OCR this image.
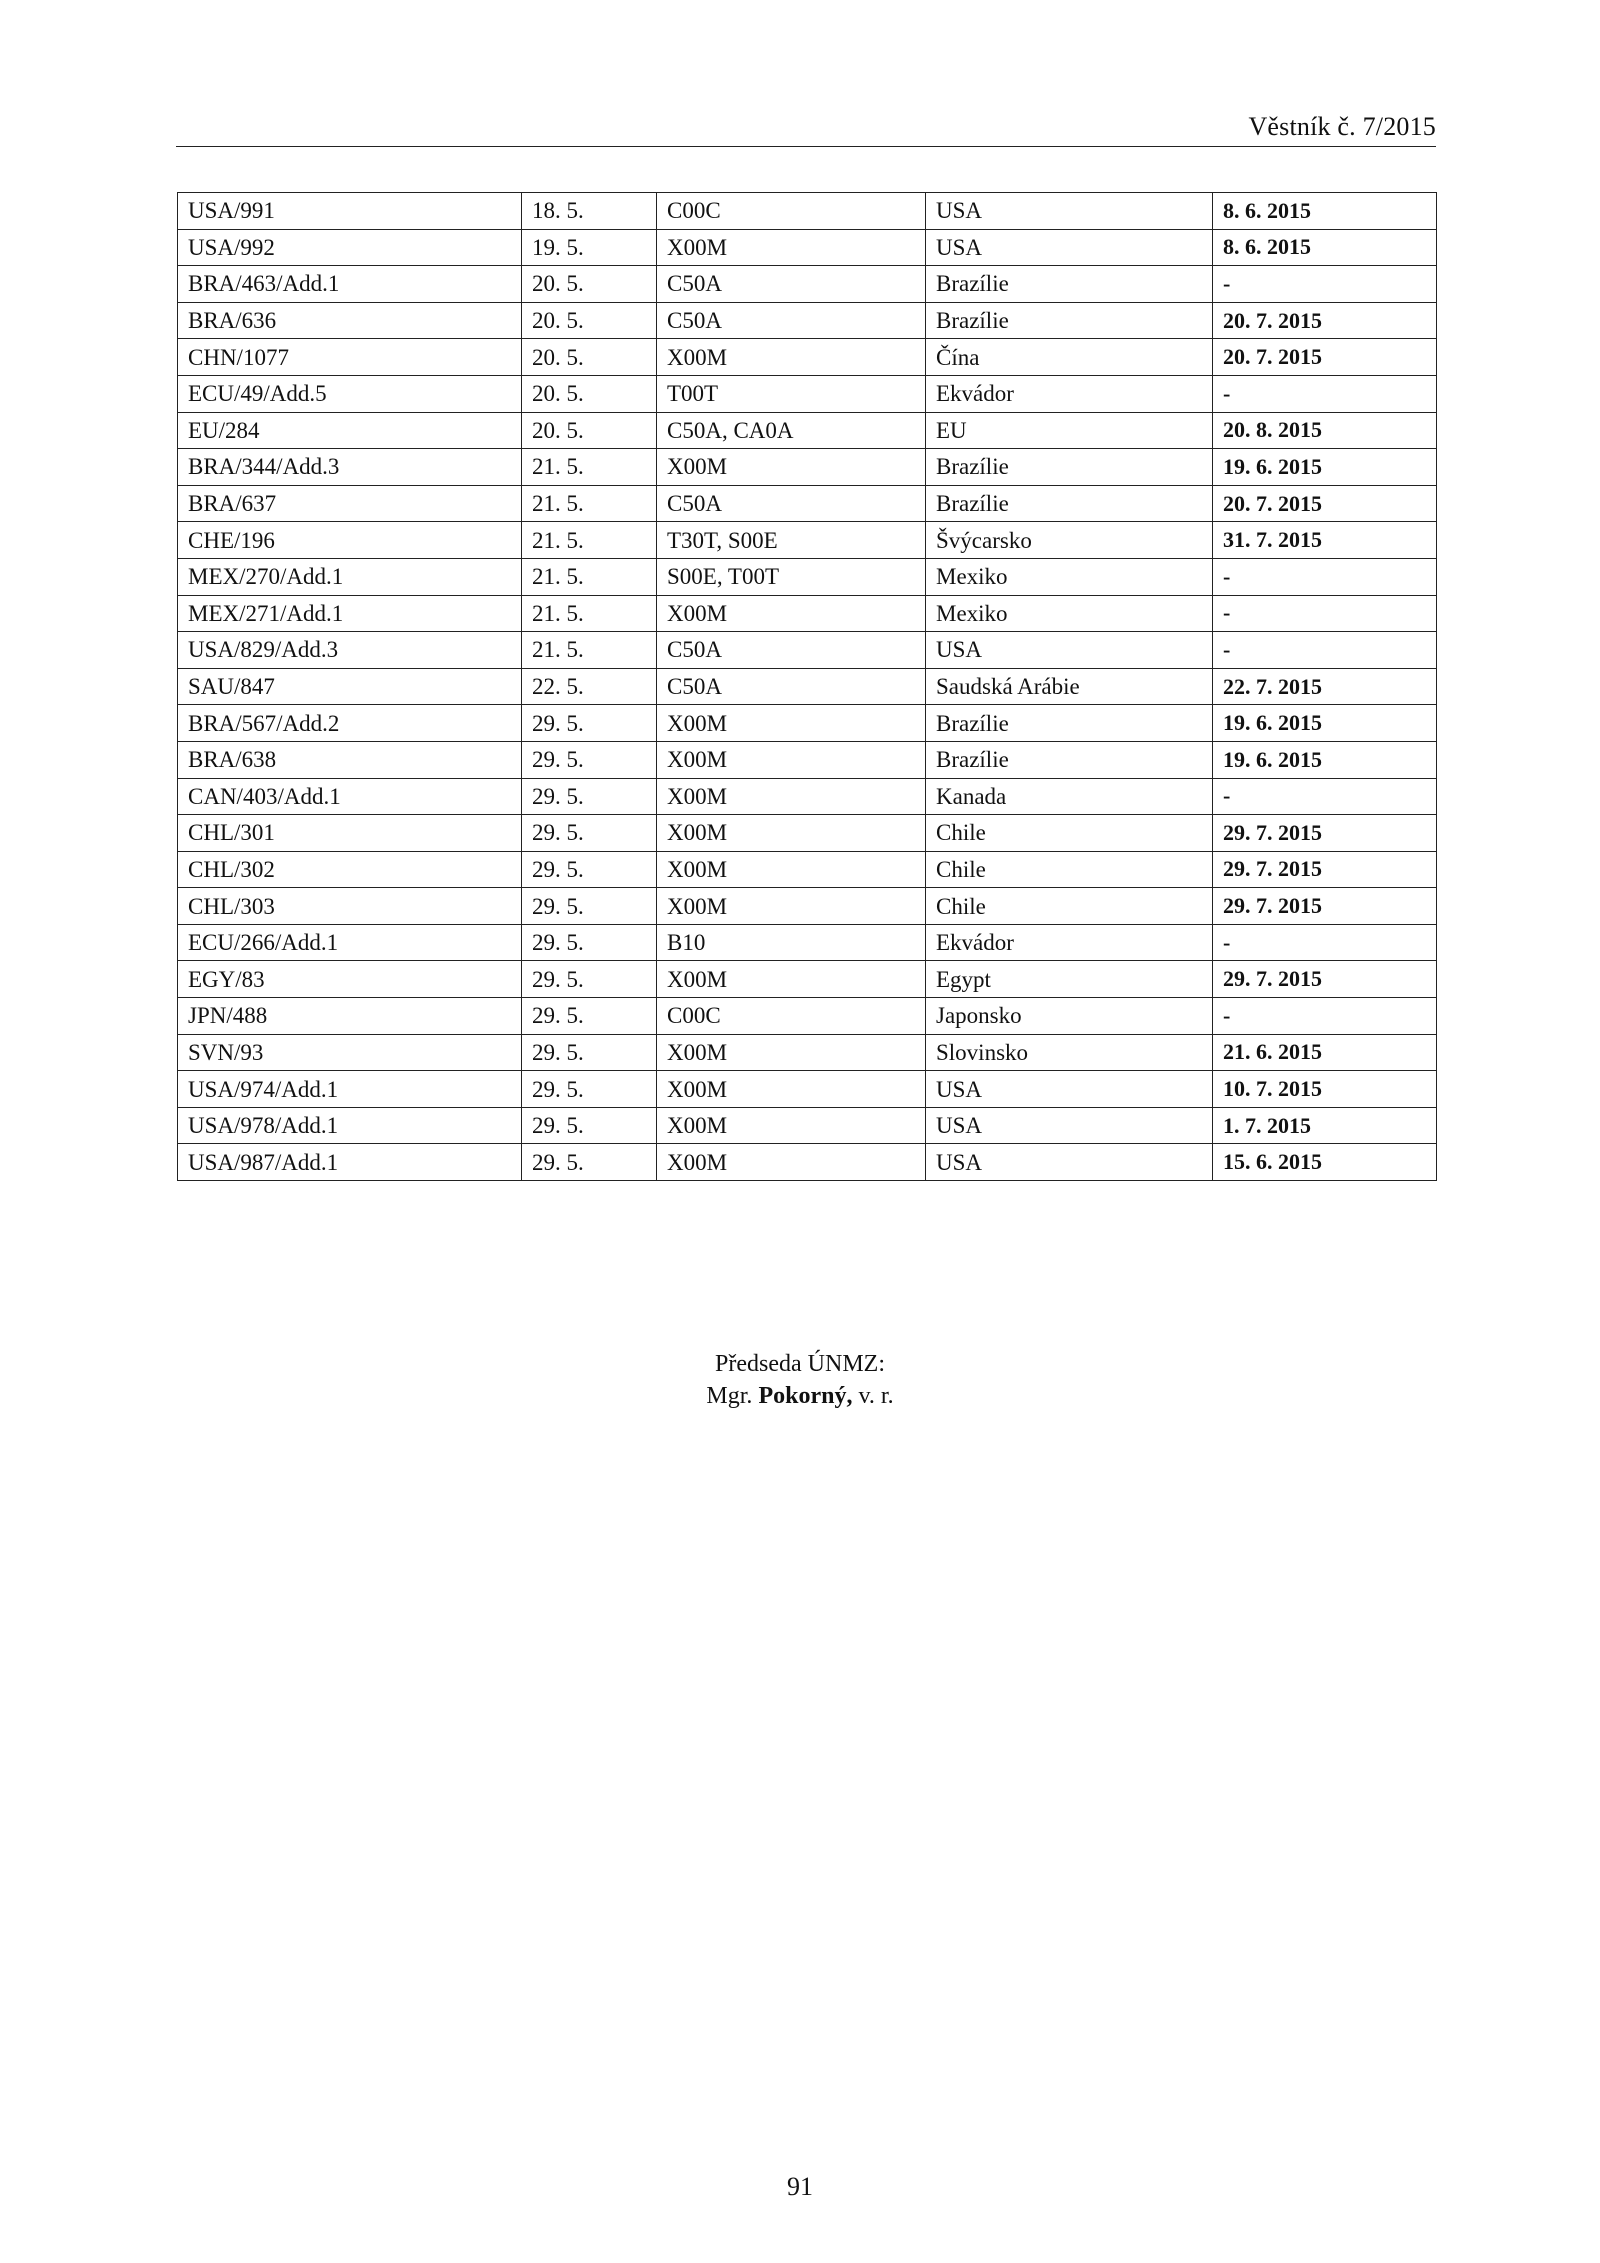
Věstník č. 7/2015
USA/991	18. 5.	C00C	USA	8. 6. 2015
USA/992	19. 5.	X00M	USA	8. 6. 2015
BRA/463/Add.1	20. 5.	C50A	Brazílie	-
BRA/636	20. 5.	C50A	Brazílie	20. 7. 2015
CHN/1077	20. 5.	X00M	Čína	20. 7. 2015
ECU/49/Add.5	20. 5.	T00T	Ekvádor	-
EU/284	20. 5.	C50A, CA0A	EU	20. 8. 2015
BRA/344/Add.3	21. 5.	X00M	Brazílie	19. 6. 2015
BRA/637	21. 5.	C50A	Brazílie	20. 7. 2015
CHE/196	21. 5.	T30T, S00E	Švýcarsko	31. 7. 2015
MEX/270/Add.1	21. 5.	S00E, T00T	Mexiko	-
MEX/271/Add.1	21. 5.	X00M	Mexiko	-
USA/829/Add.3	21. 5.	C50A	USA	-
SAU/847	22. 5.	C50A	Saudská Arábie	22. 7. 2015
BRA/567/Add.2	29. 5.	X00M	Brazílie	19. 6. 2015
BRA/638	29. 5.	X00M	Brazílie	19. 6. 2015
CAN/403/Add.1	29. 5.	X00M	Kanada	-
CHL/301	29. 5.	X00M	Chile	29. 7. 2015
CHL/302	29. 5.	X00M	Chile	29. 7. 2015
CHL/303	29. 5.	X00M	Chile	29. 7. 2015
ECU/266/Add.1	29. 5.	B10	Ekvádor	-
EGY/83	29. 5.	X00M	Egypt	29. 7. 2015
JPN/488	29. 5.	C00C	Japonsko	-
SVN/93	29. 5.	X00M	Slovinsko	21. 6. 2015
USA/974/Add.1	29. 5.	X00M	USA	10. 7. 2015
USA/978/Add.1	29. 5.	X00M	USA	1. 7. 2015
USA/987/Add.1	29. 5.	X00M	USA	15. 6. 2015
Předseda ÚNMZ:
Mgr. Pokorný, v. r.
91
